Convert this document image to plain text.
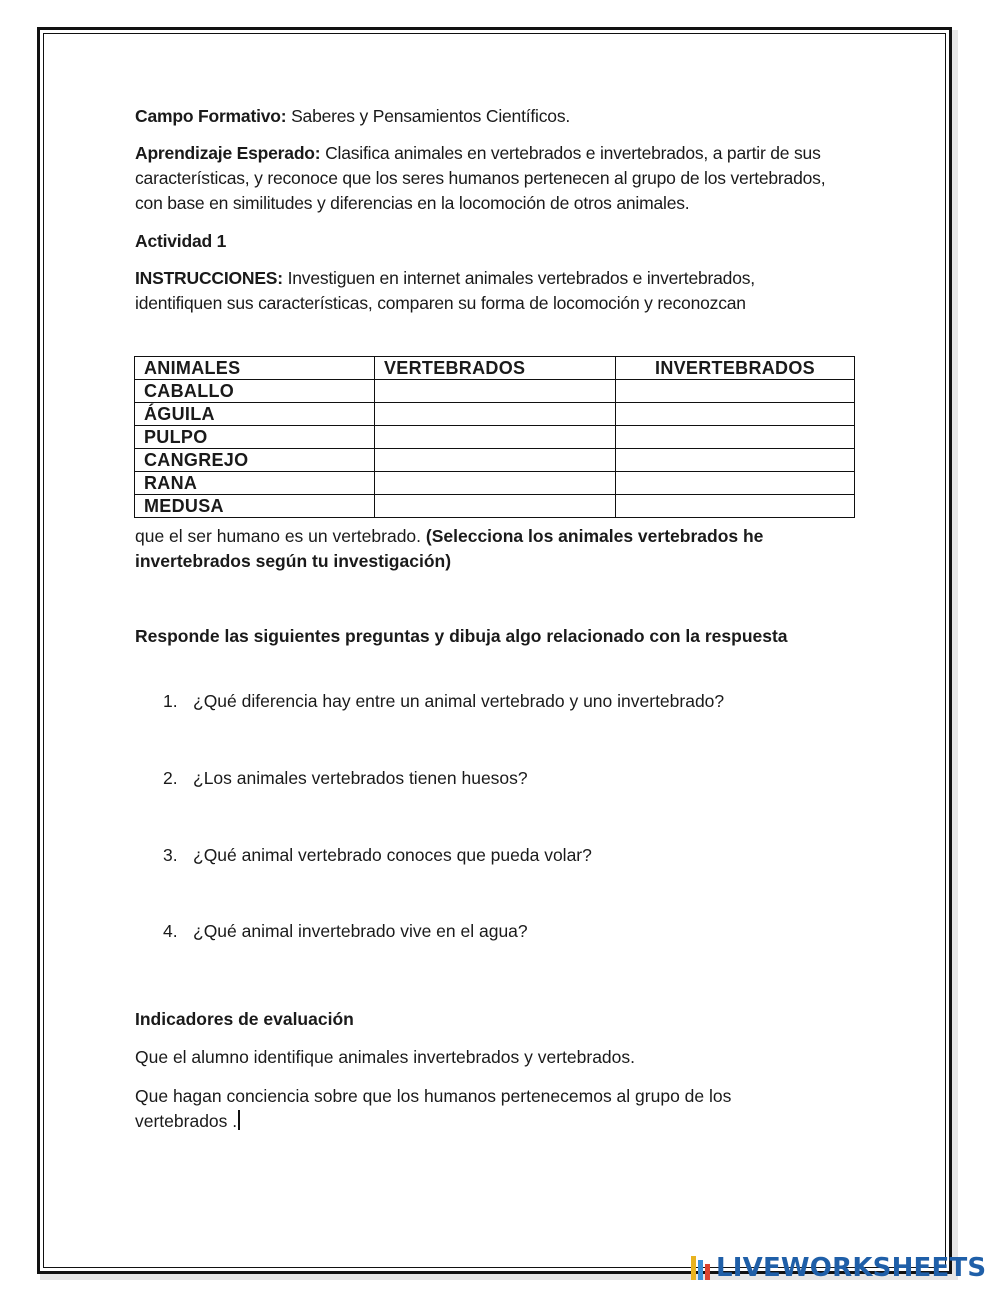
Campo Formativo: Saberes y Pensamientos Científicos.

Aprendizaje Esperado: Clasifica animales en vertebrados e invertebrados, a partir de sus características, y reconoce que los seres humanos pertenecen al grupo de los vertebrados, con base en similitudes y diferencias en la locomoción de otros animales.

Actividad 1

INSTRUCCIONES: Investiguen en internet animales vertebrados e invertebrados, identifiquen sus características, comparen su forma de locomoción y reconozcan

ANIMALES	VERTEBRADOS	INVERTEBRADOS
CABALLO		
ÁGUILA		
PULPO		
CANGREJO		
RANA		
MEDUSA		

que el ser humano es un vertebrado. (Selecciona los animales vertebrados he invertebrados según tu investigación)

Responde las siguientes preguntas y dibuja algo relacionado con la respuesta

1. ¿Qué diferencia hay entre un animal vertebrado y uno invertebrado?

2. ¿Los animales vertebrados tienen huesos?

3. ¿Qué animal vertebrado conoces que pueda volar?

4. ¿Qué animal invertebrado vive en el agua?

Indicadores de evaluación

Que el alumno identifique animales invertebrados y vertebrados.

Que hagan conciencia sobre que los humanos pertenecemos al grupo de los vertebrados .

LIVEWORKSHEETS
